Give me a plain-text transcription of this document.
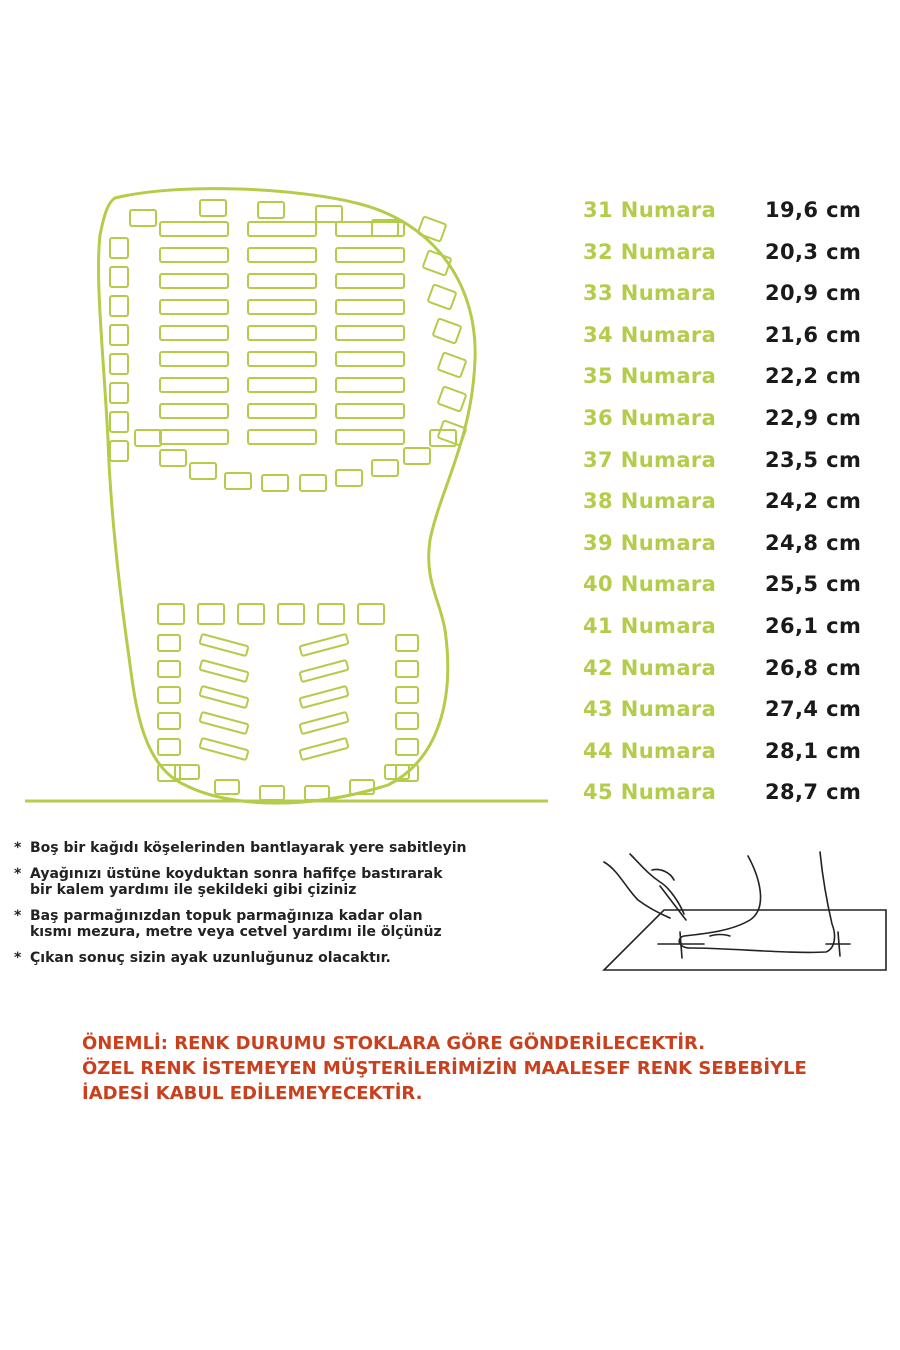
31 Numara 19,6 cm
32 Numara 20,3 cm
33 Numara 20,9 cm
34 Numara 21,6 cm
35 Numara 22,2 cm
36 Numara 22,9 cm
37 Numara 23,5 cm
38 Numara 24,2 cm
39 Numara 24,8 cm
40 Numara 25,5 cm
41 Numara 26,1 cm
42 Numara 26,8 cm
43 Numara 27,4 cm
44 Numara 28,1 cm
45 Numara 28,7 cm
* Boş bir kağıdı köşelerinden bantlayarak yere sabitleyin
* Ayağınızı üstüne koyduktan sonra hafifçe bastırarak
bir kalem yardımı ile şekildeki gibi çiziniz
* Baş parmağınızdan topuk parmağınıza kadar olan
kısmı mezura, metre veya cetvel yardımı ile ölçünüz
* Çıkan sonuç sizin ayak uzunluğunuz olacaktır.
ÖNEMLİ: RENK DURUMU STOKLARA GÖRE GÖNDERİLECEKTİR.
ÖZEL RENK İSTEMEYEN MÜŞTERİLERİMİZİN MAALESEF RENK SEBEBİYLE
İADESİ KABUL EDİLEMEYECEKTİR.
